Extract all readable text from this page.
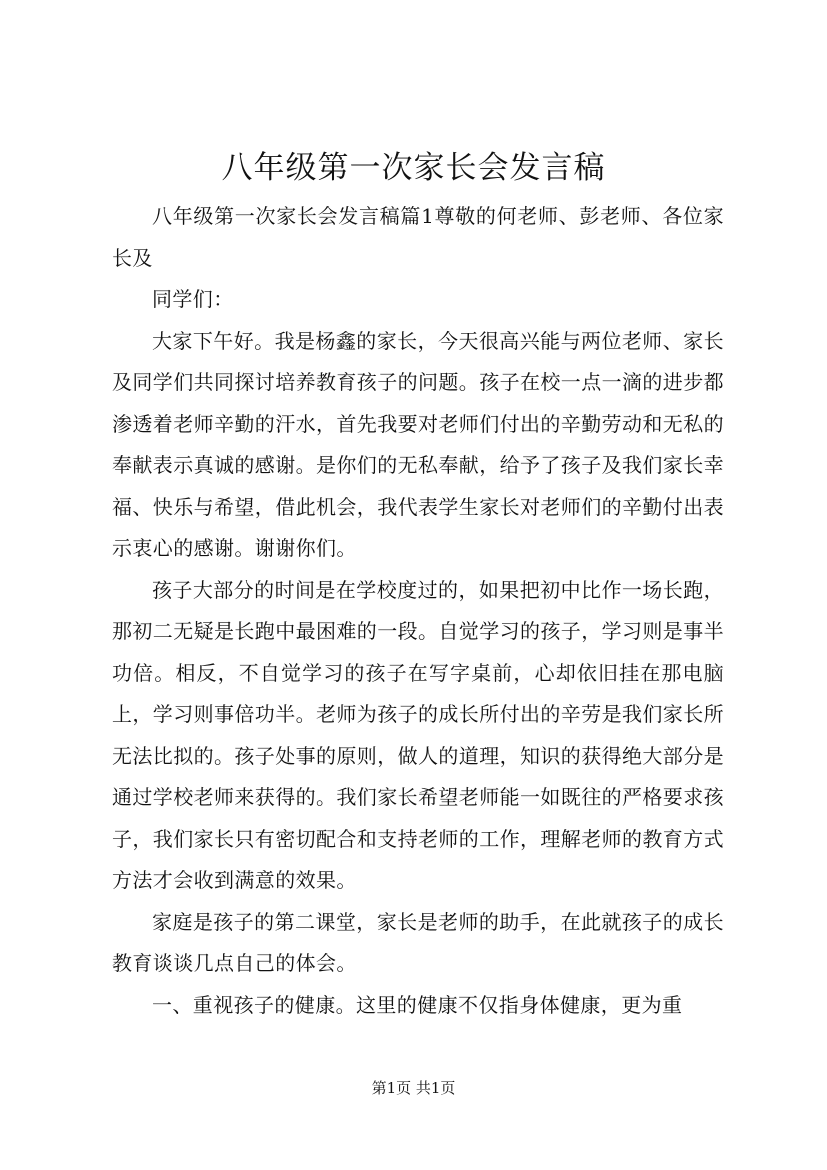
八年级第一次家长会发言稿

八年级第一次家长会发言稿篇1尊敬的何老师、彭老师、各位家长及

同学们：

大家下午好。我是杨鑫的家长，今天很高兴能与两位老师、家长及同学们共同探讨培养教育孩子的问题。孩子在校一点一滴的进步都渗透着老师辛勤的汗水，首先我要对老师们付出的辛勤劳动和无私的奉献表示真诚的感谢。是你们的无私奉献，给予了孩子及我们家长幸福、快乐与希望，借此机会，我代表学生家长对老师们的辛勤付出表示衷心的感谢。谢谢你们。

孩子大部分的时间是在学校度过的，如果把初中比作一场长跑，那初二无疑是长跑中最困难的一段。自觉学习的孩子，学习则是事半功倍。相反，不自觉学习的孩子在写字桌前，心却依旧挂在那电脑上，学习则事倍功半。老师为孩子的成长所付出的辛劳是我们家长所无法比拟的。孩子处事的原则，做人的道理，知识的获得绝大部分是通过学校老师来获得的。我们家长希望老师能一如既往的严格要求孩子，我们家长只有密切配合和支持老师的工作，理解老师的教育方式方法才会收到满意的效果。

家庭是孩子的第二课堂，家长是老师的助手，在此就孩子的成长教育谈谈几点自己的体会。

一、重视孩子的健康。这里的健康不仅指身体健康，更为重

第1页 共1页
